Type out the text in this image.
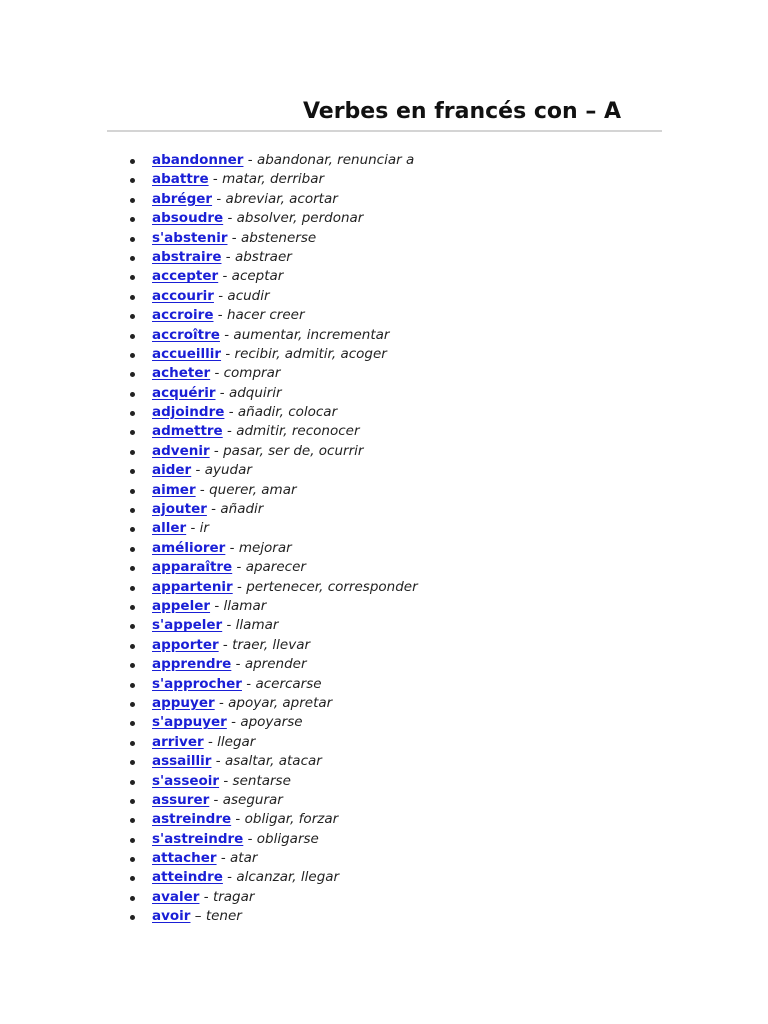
Verbes en francés con – A
abandonner - abandonar, renunciar a
abattre - matar, derribar
abréger - abreviar, acortar
absoudre - absolver, perdonar
s'abstenir - abstenerse
abstraire - abstraer
accepter - aceptar
accourir - acudir
accroire - hacer creer
accroître - aumentar, incrementar
accueillir - recibir, admitir, acoger
acheter - comprar
acquérir - adquirir
adjoindre - añadir, colocar
admettre - admitir, reconocer
advenir - pasar, ser de, ocurrir
aider - ayudar
aimer - querer, amar
ajouter - añadir
aller - ir
améliorer - mejorar
apparaître - aparecer
appartenir - pertenecer, corresponder
appeler - llamar
s'appeler - llamar
apporter - traer, llevar
apprendre - aprender
s'approcher - acercarse
appuyer - apoyar, apretar
s'appuyer - apoyarse
arriver - llegar
assaillir - asaltar, atacar
s'asseoir - sentarse
assurer - asegurar
astreindre - obligar, forzar
s'astreindre - obligarse
attacher - atar
atteindre - alcanzar, llegar
avaler - tragar
avoir – tener
